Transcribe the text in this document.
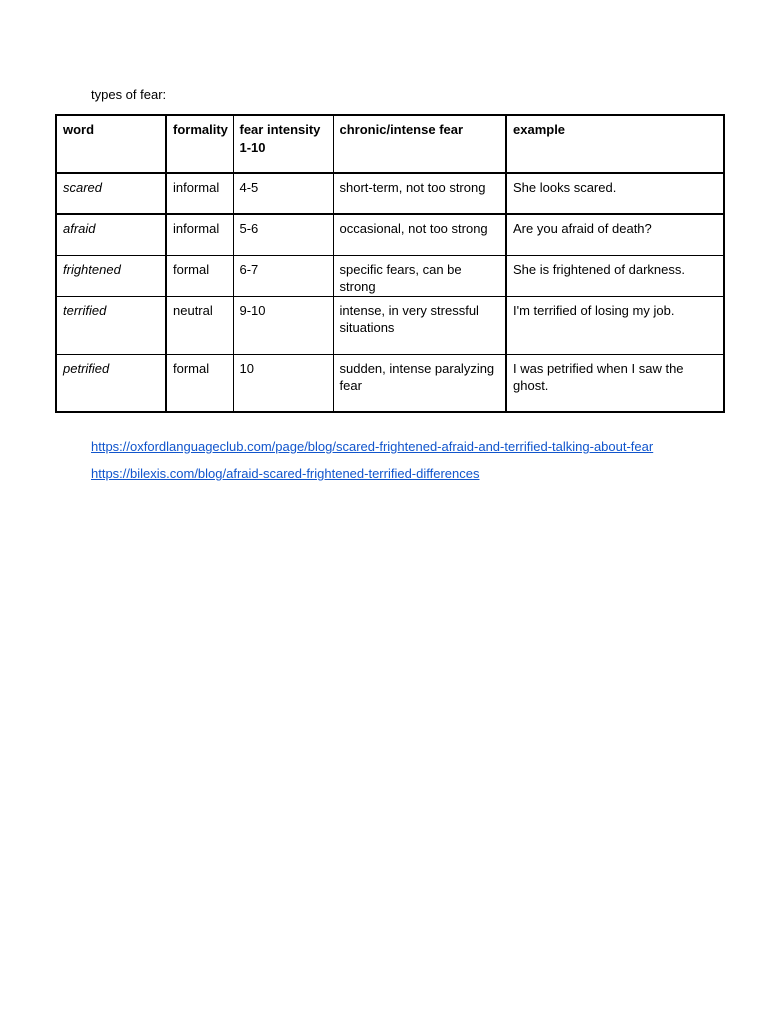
types of fear:

word	formality	fear intensity 1-10	chronic/intense fear	example
scared	informal	4-5	short-term, not too strong	She looks scared.
afraid	informal	5-6	occasional, not too strong	Are you afraid of death?
frightened	formal	6-7	specific fears, can be strong	She is frightened of darkness.
terrified	neutral	9-10	intense, in very stressful situations	I'm terrified of losing my job.
petrified	formal	10	sudden, intense paralyzing fear	I was petrified when I saw the ghost.
https://oxfordlanguageclub.com/page/blog/scared-frightened-afraid-and-terrified-talking-about-fear
https://bilexis.com/blog/afraid-scared-frightened-terrified-differences
